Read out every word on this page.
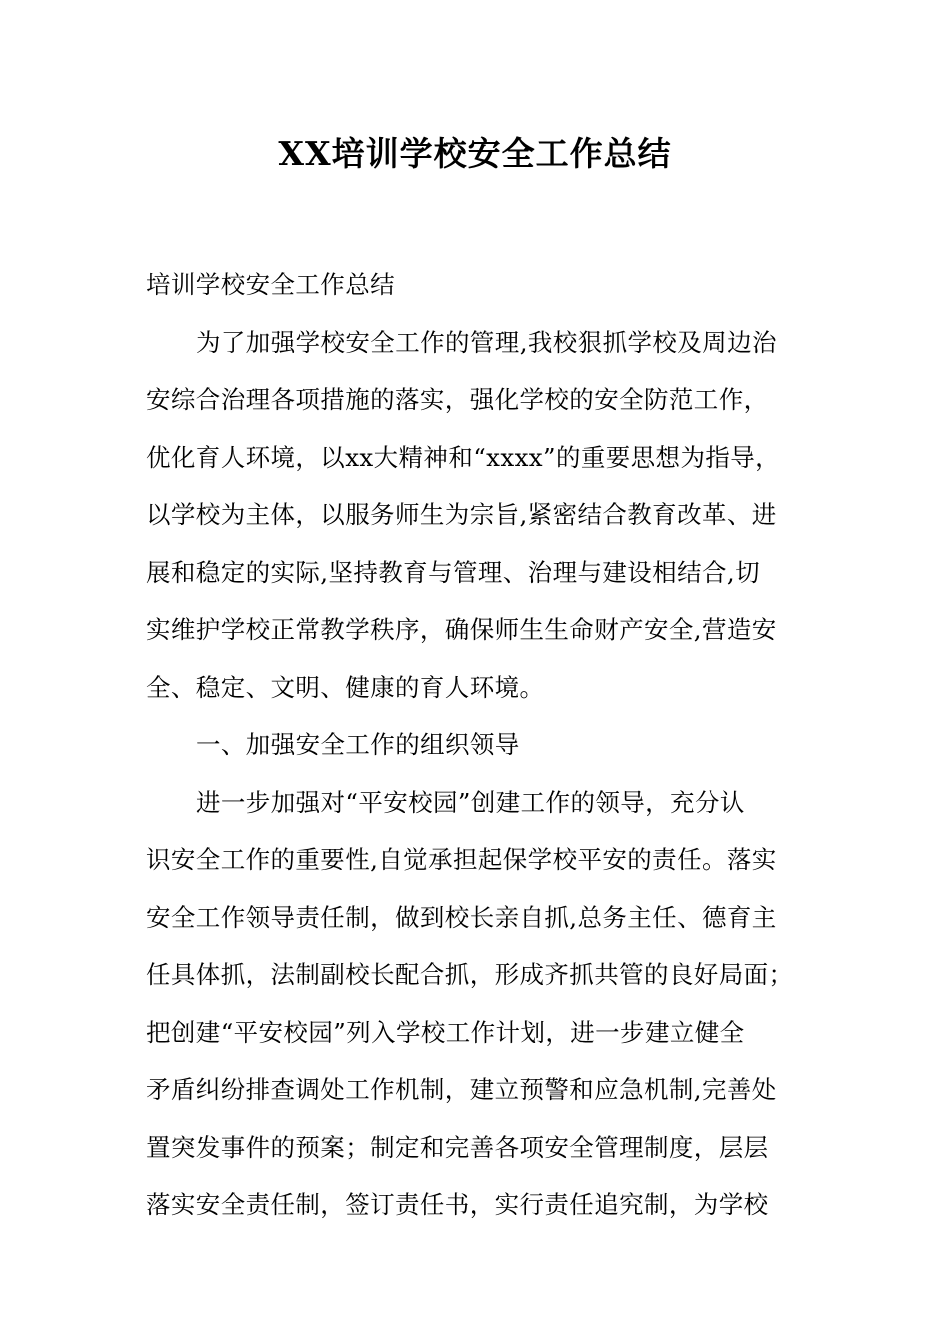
XX培训学校安全工作总结
培训学校安全工作总结
为了加强学校安全工作的管理,我校狠抓学校及周边治
安综合治理各项措施的落实，强化学校的安全防范工作，
优化育人环境，以xx大精神和“xxxx”的重要思想为指导，
以学校为主体，以服务师生为宗旨,紧密结合教育改革、进
展和稳定的实际,坚持教育与管理、治理与建设相结合,切
实维护学校正常教学秩序，确保师生生命财产安全,营造安
全、稳定、文明、健康的育人环境。
一、加强安全工作的组织领导
进一步加强对“平安校园”创建工作的领导，充分认
识安全工作的重要性,自觉承担起保学校平安的责任。落实
安全工作领导责任制，做到校长亲自抓,总务主任、德育主
任具体抓，法制副校长配合抓，形成齐抓共管的良好局面；
把创建“平安校园”列入学校工作计划，进一步建立健全
矛盾纠纷排查调处工作机制，建立预警和应急机制,完善处
置突发事件的预案；制定和完善各项安全管理制度，层层
落实安全责任制，签订责任书，实行责任追究制，为学校
